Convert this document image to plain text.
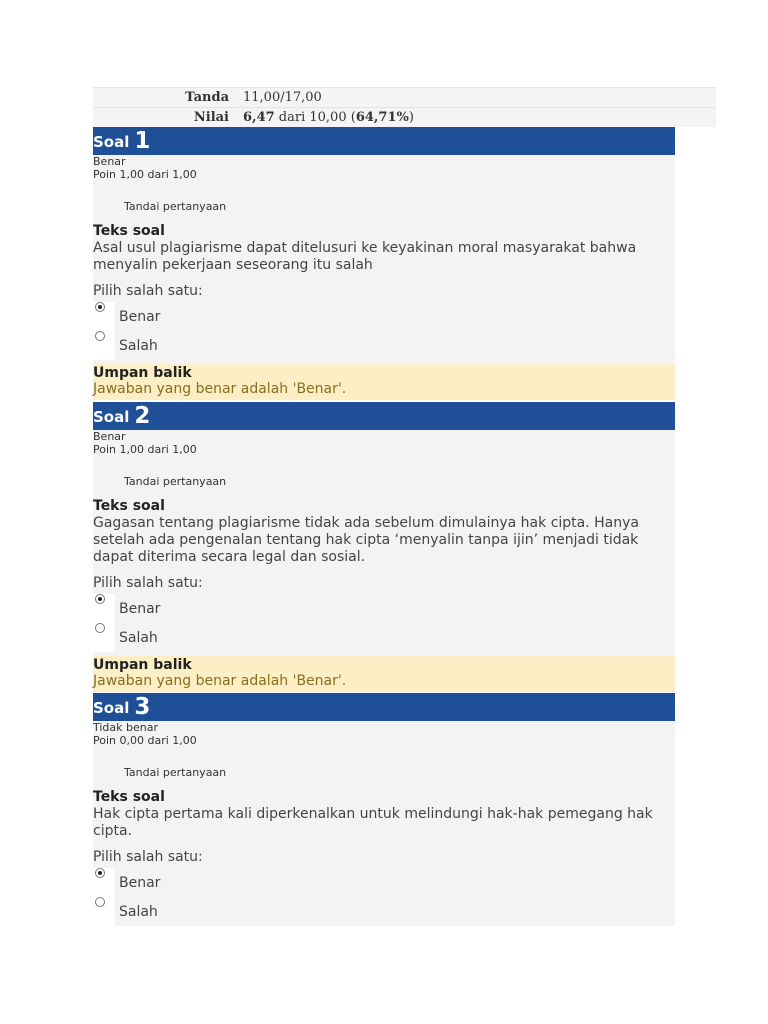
Tanda	11,00/17,00
Nilai	6,47 dari 10,00 (64,71%)
Soal 1
Benar
Poin 1,00 dari 1,00
Tandai pertanyaan
Teks soal
Asal usul plagiarisme dapat ditelusuri ke keyakinan moral masyarakat bahwa menyalin pekerjaan seseorang itu salah
Pilih salah satu:
Benar
Salah
Umpan balik
Jawaban yang benar adalah 'Benar'.
Soal 2
Benar
Poin 1,00 dari 1,00
Tandai pertanyaan
Teks soal
Gagasan tentang plagiarisme tidak ada sebelum dimulainya hak cipta. Hanya setelah ada pengenalan tentang hak cipta ‘menyalin tanpa ijin’ menjadi tidak dapat diterima secara legal dan sosial.
Pilih salah satu:
Benar
Salah
Umpan balik
Jawaban yang benar adalah 'Benar'.
Soal 3
Tidak benar
Poin 0,00 dari 1,00
Tandai pertanyaan
Teks soal
Hak cipta pertama kali diperkenalkan untuk melindungi hak-hak pemegang hak cipta.
Pilih salah satu:
Benar
Salah
